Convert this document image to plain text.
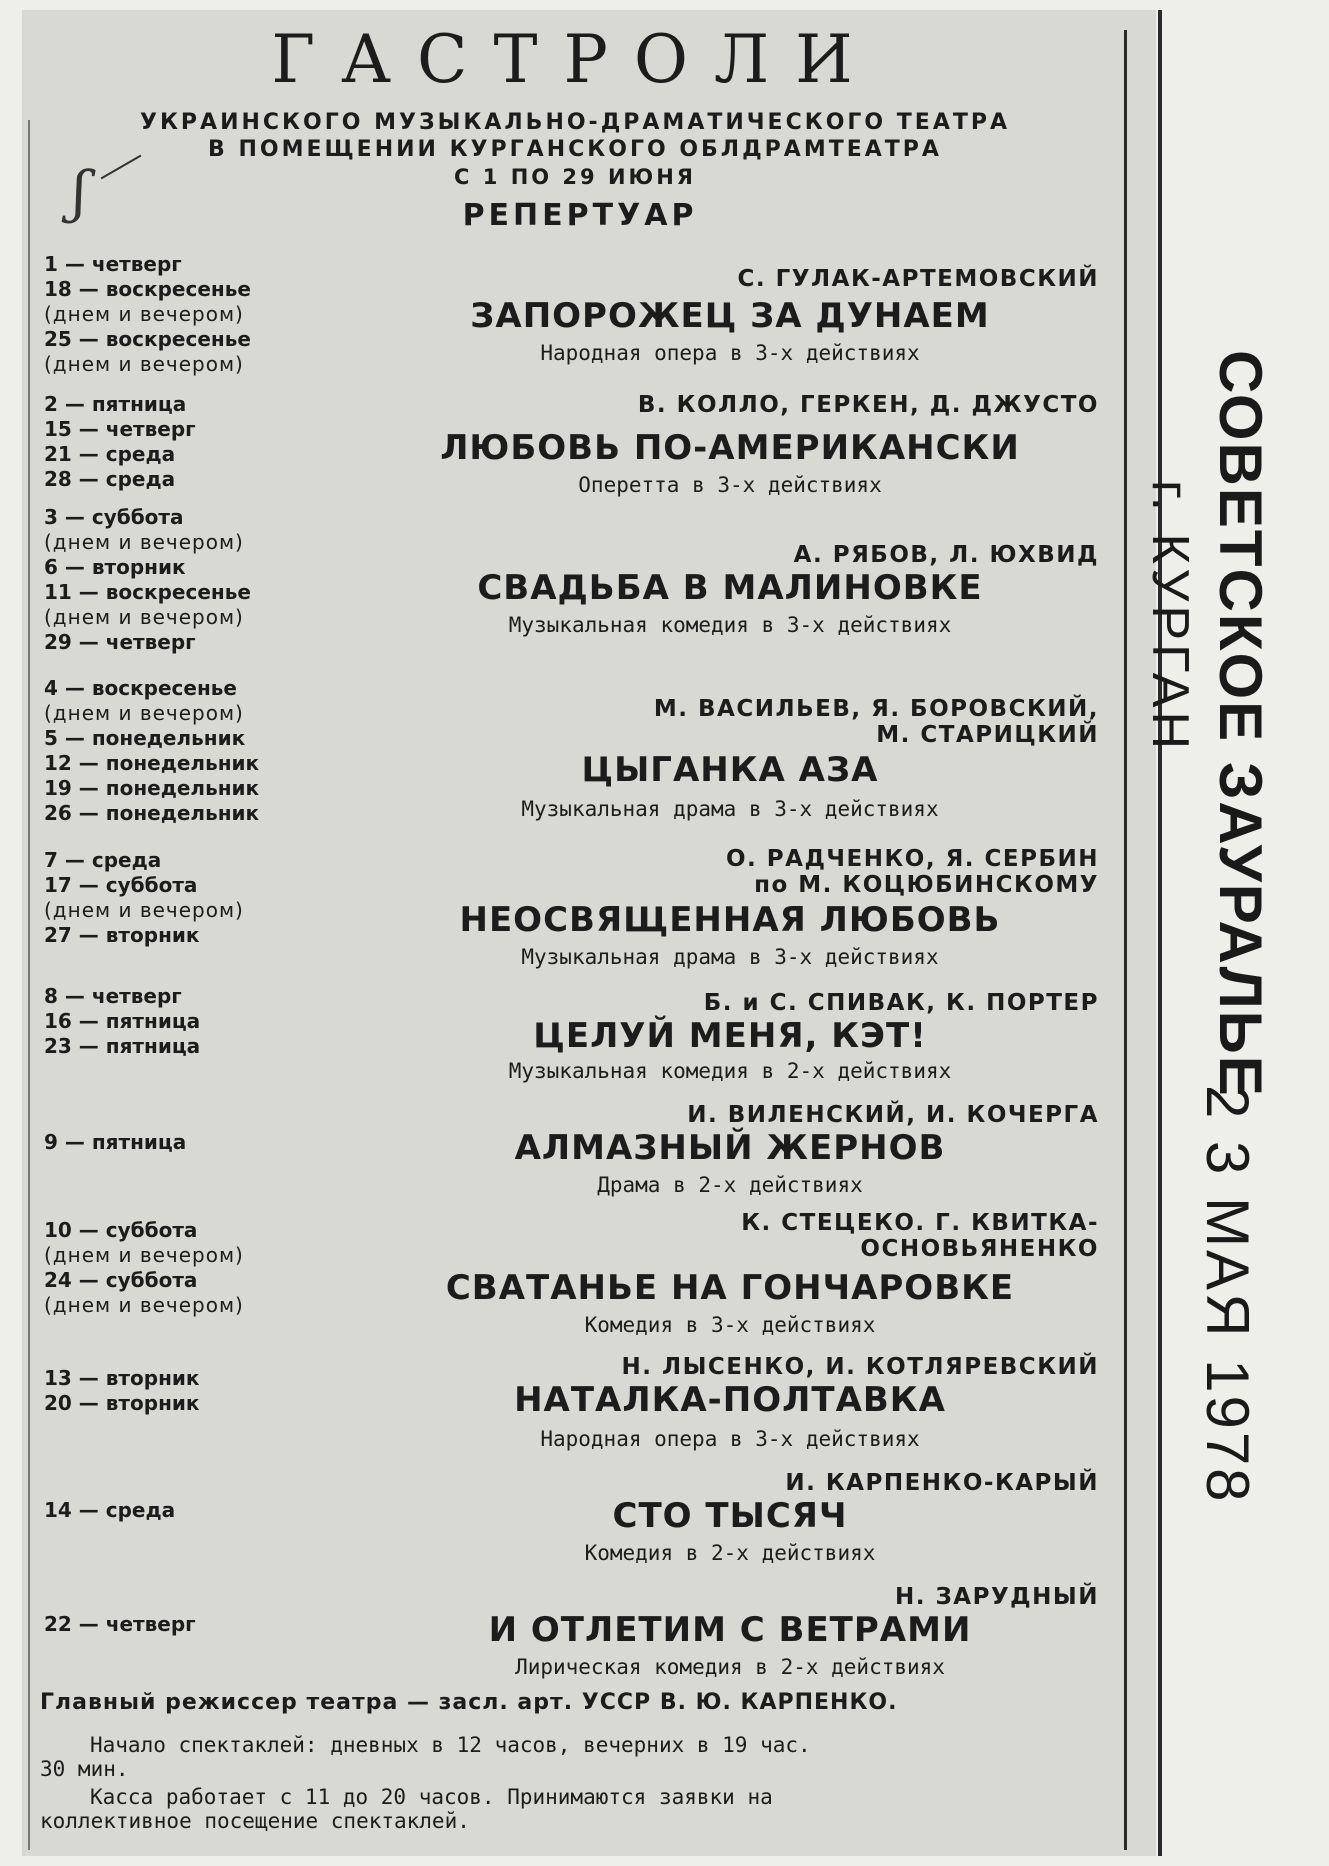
ГАСТРОЛИ
УКРАИНСКОГО МУЗЫКАЛЬНО-ДРАМАТИЧЕСКОГО ТЕАТРА
В ПОМЕЩЕНИИ КУРГАНСКОГО ОБЛДРАМТЕАТРА
С 1 ПО 29 ИЮНЯ
РЕПЕРТУАР
ʃ
1 — четверг
18 — воскресенье
(днем и вечером)
25 — воскресенье
(днем и вечером)
С. ГУЛАК-АРТЕМОВСКИЙ
ЗАПОРОЖЕЦ ЗА ДУНАЕМ
Народная опера в 3-х действиях
2 — пятница
15 — четверг
21 — среда
28 — среда
В. КОЛЛО, ГЕРКЕН, Д. ДЖУСТО
ЛЮБОВЬ ПО-АМЕРИКАНСКИ
Оперетта в 3-х действиях
3 — суббота
(днем и вечером)
6 — вторник
11 — воскресенье
(днем и вечером)
29 — четверг
А. РЯБОВ, Л. ЮХВИД
СВАДЬБА В МАЛИНОВКЕ
Музыкальная комедия в 3-х действиях
4 — воскресенье
(днем и вечером)
5 — понедельник
12 — понедельник
19 — понедельник
26 — понедельник
М. ВАСИЛЬЕВ, Я. БОРОВСКИЙ,
М. СТАРИЦКИЙ
ЦЫГАНКА АЗА
Музыкальная драма в 3-х действиях
7 — среда
17 — суббота
(днем и вечером)
27 — вторник
О. РАДЧЕНКО, Я. СЕРБИН
по М. КОЦЮБИНСКОМУ
НЕОСВЯЩЕННАЯ ЛЮБОВЬ
Музыкальная драма в 3-х действиях
8 — четверг
16 — пятница
23 — пятница
Б. и С. СПИВАК, К. ПОРТЕР
ЦЕЛУЙ МЕНЯ, КЭТ!
Музыкальная комедия в 2-х действиях
9 — пятница
И. ВИЛЕНСКИЙ, И. КОЧЕРГА
АЛМАЗНЫЙ ЖЕРНОВ
Драма в 2-х действиях
10 — суббота
(днем и вечером)
24 — суббота
(днем и вечером)
К. СТЕЦЕКО. Г. КВИТКА-
ОСНОВЬЯНЕНКО
СВАТАНЬЕ НА ГОНЧАРОВКЕ
Комедия в 3-х действиях
13 — вторник
20 — вторник
Н. ЛЫСЕНКО, И. КОТЛЯРЕВСКИЙ
НАТАЛКА-ПОЛТАВКА
Народная опера в 3-х действиях
14 — среда
И. КАРПЕНКО-КАРЫЙ
СТО ТЫСЯЧ
Комедия в 2-х действиях
22 — четверг
Н. ЗАРУДНЫЙ
И ОТЛЕТИМ С ВЕТРАМИ
Лирическая комедия в 2-х действиях
Главный режиссер театра — засл. арт. УССР В. Ю. КАРПЕНКО.
Начало спектаклей: дневных в 12 часов, вечерних в 19 час.
30 мин.
Касса работает с 11 до 20 часов. Принимаются заявки на
коллективное посещение спектаклей.
СОВЕТСКОЕ ЗАУРАЛЬЕ
г. КУРГАН
2 3 МАЯ 1978
